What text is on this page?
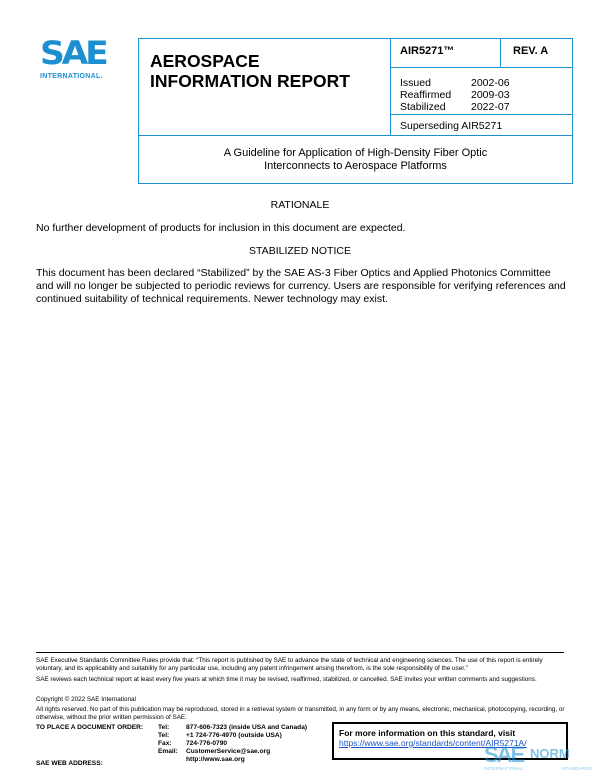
SAE
INTERNATIONAL.
AEROSPACE
INFORMATION REPORT
AIR5271™	REV. A
Issued	2002-06
Reaffirmed 2009-03
Stabilized 2022-07
Superseding AIR5271
A Guideline for Application of High-Density Fiber Optic
Interconnects to Aerospace Platforms
RATIONALE
No further development of products for inclusion in this document are expected.
STABILIZED NOTICE
This document has been declared “Stabilized” by the SAE AS-3 Fiber Optics and Applied Photonics Committee and will no longer be subjected to periodic reviews for currency. Users are responsible for verifying references and continued suitability of technical requirements. Newer technology may exist.
SAE Executive Standards Committee Rules provide that: “This report is published by SAE to advance the state of technical and engineering sciences. The use of this report is entirely voluntary, and its applicability and suitability for any particular use, including any patent infringement arising therefrom, is the sole responsibility of the user.”
SAE reviews each technical report at least every five years at which time it may be revised, reaffirmed, stabilized, or cancelled. SAE invites your written comments and suggestions.
Copyright © 2022 SAE International
All rights reserved. No part of this publication may be reproduced, stored in a retrieval system or transmitted, in any form or by any means, electronic, mechanical, photocopying, recording, or otherwise, without the prior written permission of SAE.
TO PLACE A DOCUMENT ORDER: Tel:	877-606-7323 (inside USA and Canada)
Tel:	+1 724-776-4970 (outside USA)
Fax: 724-776-0790
Email: CustomerService@sae.org
http://www.sae.org
SAE WEB ADDRESS:
For more information on this standard, visit
https://www.sae.org/standards/content/AIR5271A/
SAE NORM
INTERNATIONAL	STANDARDS
